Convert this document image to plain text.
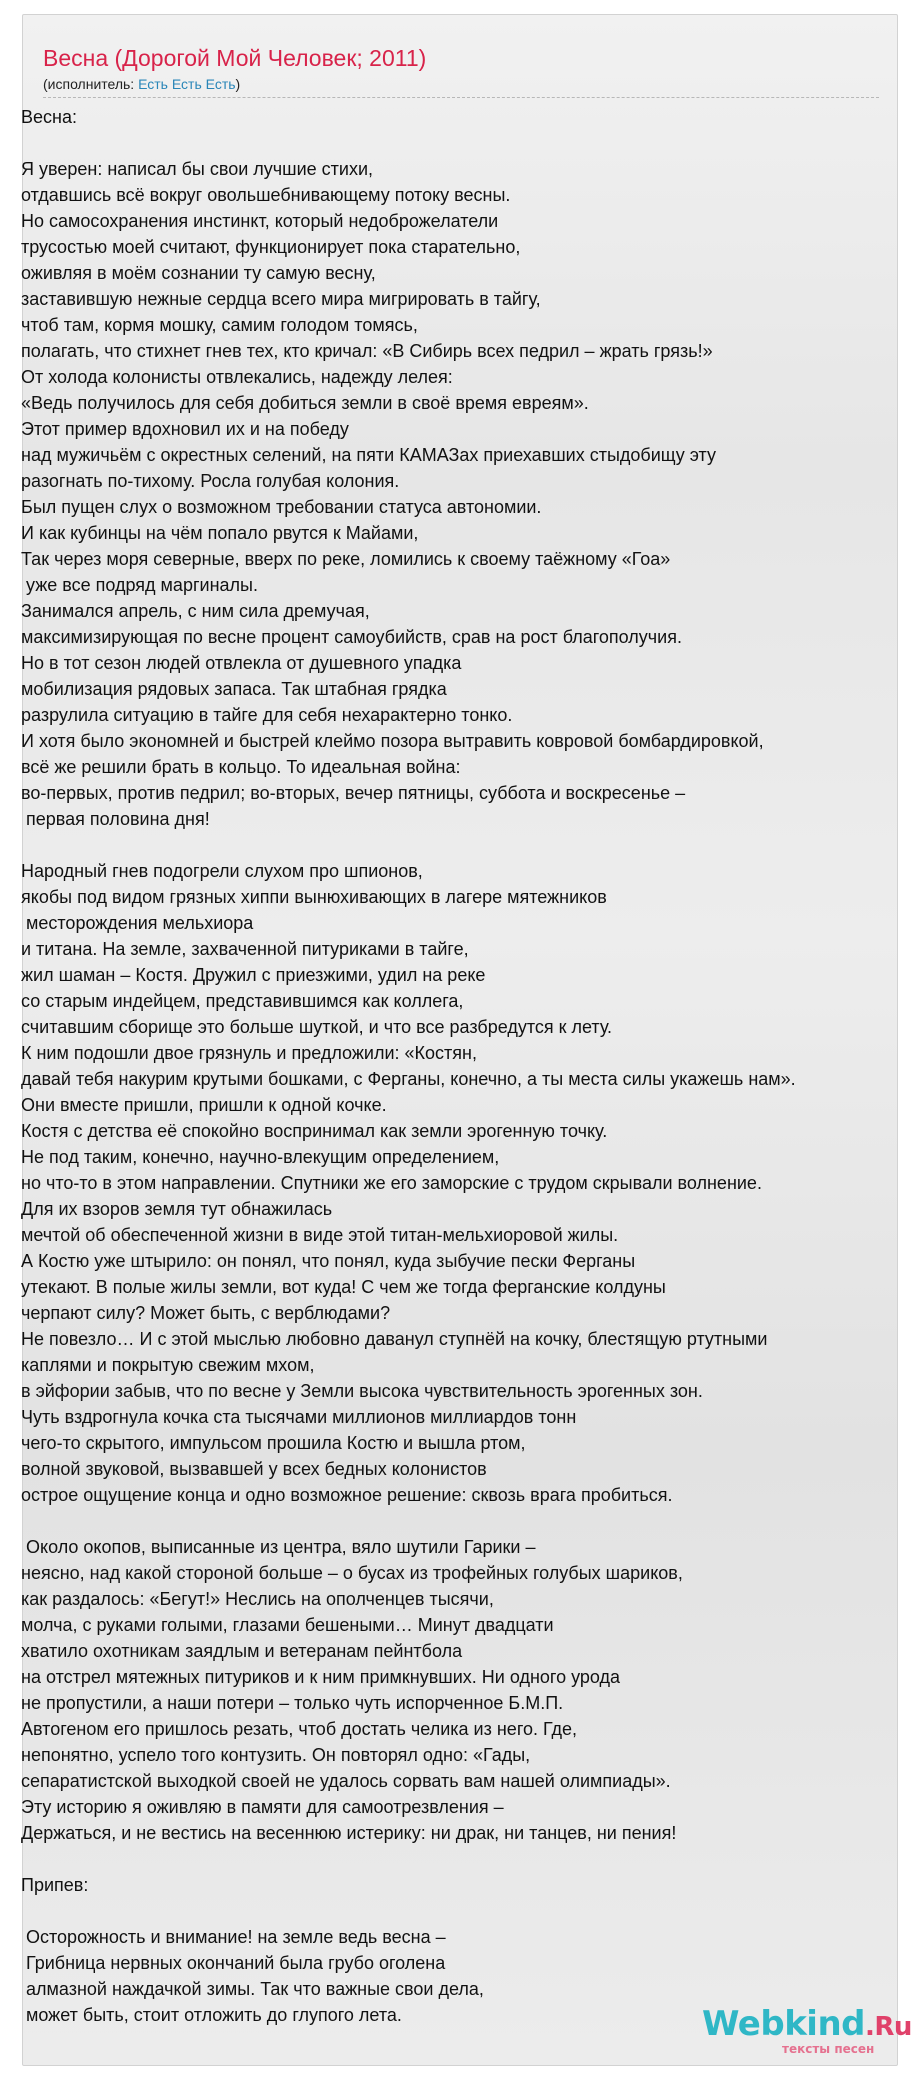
Весна (Дорогой Мой Человек; 2011)
(исполнитель: Есть Есть Есть)
Весна:
Я уверен: написал бы свои лучшие стихи,
отдавшись всё вокруг овольшебнивающему потоку весны.
Но самосохранения инстинкт, который недоброжелатели
трусостью моей считают, функционирует пока старательно,
оживляя в моём сознании ту самую весну,
заставившую нежные сердца всего мира мигрировать в тайгу,
чтоб там, кормя мошку, самим голодом томясь,
полагать, что стихнет гнев тех, кто кричал: «В Сибирь всех педрил – жрать грязь!»
От холода колонисты отвлекались, надежду лелея:
«Ведь получилось для себя добиться земли в своё время евреям».
Этот пример вдохновил их и на победу
над мужичьём с окрестных селений, на пяти КАМАЗах приехавших стыдобищу эту
разогнать по-тихому. Росла голубая колония.
Был пущен слух о возможном требовании статуса автономии.
И как кубинцы на чём попало рвутся к Майами,
Так через моря северные, вверх по реке, ломились к своему таёжному «Гоа»
уже все подряд маргиналы.
Занимался апрель, с ним сила дремучая,
максимизирующая по весне процент самоубийств, срав на рост благополучия.
Но в тот сезон людей отвлекла от душевного упадка
мобилизация рядовых запаса. Так штабная грядка
разрулила ситуацию в тайге для себя нехарактерно тонко.
И хотя было экономней и быстрей клеймо позора вытравить ковровой бомбардировкой,
всё же решили брать в кольцо. То идеальная война:
во-первых, против педрил; во-вторых, вечер пятницы, суббота и воскресенье –
первая половина дня!
Народный гнев подогрели слухом про шпионов,
якобы под видом грязных хиппи вынюхивающих в лагере мятежников
месторождения мельхиора
и титана. На земле, захваченной питуриками в тайге,
жил шаман – Костя. Дружил с приезжими, удил на реке
со старым индейцем, представившимся как коллега,
считавшим сборище это больше шуткой, и что все разбредутся к лету.
К ним подошли двое грязнуль и предложили: «Костян,
давай тебя накурим крутыми бошками, с Ферганы, конечно, а ты места силы укажешь нам».
Они вместе пришли, пришли к одной кочке.
Костя с детства её спокойно воспринимал как земли эрогенную точку.
Не под таким, конечно, научно-влекущим определением,
но что-то в этом направлении. Спутники же его заморские с трудом скрывали волнение.
Для их взоров земля тут обнажилась
мечтой об обеспеченной жизни в виде этой титан-мельхиоровой жилы.
А Костю уже штырило: он понял, что понял, куда зыбучие пески Ферганы
утекают. В полые жилы земли, вот куда! С чем же тогда ферганские колдуны
черпают силу? Может быть, с верблюдами?
Не повезло… И с этой мыслью любовно даванул ступнёй на кочку, блестящую ртутными
каплями и покрытую свежим мхом,
в эйфории забыв, что по весне у Земли высока чувствительность эрогенных зон.
Чуть вздрогнула кочка ста тысячами миллионов миллиардов тонн
чего-то скрытого, импульсом прошила Костю и вышла ртом,
волной звуковой, вызвавшей у всех бедных колонистов
острое ощущение конца и одно возможное решение: сквозь врага пробиться.
Около окопов, выписанные из центра, вяло шутили Гарики –
неясно, над какой стороной больше – о бусах из трофейных голубых шариков,
как раздалось: «Бегут!» Неслись на ополченцев тысячи,
молча, с руками голыми, глазами бешеными… Минут двадцати
хватило охотникам заядлым и ветеранам пейнтбола
на отстрел мятежных питуриков и к ним примкнувших. Ни одного урода
не пропустили, а наши потери – только чуть испорченное Б.М.П.
Автогеном его пришлось резать, чтоб достать челика из него. Где,
непонятно, успело того контузить. Он повторял одно: «Гады,
сепаратистской выходкой своей не удалось сорвать вам нашей олимпиады».
Эту историю я оживляю в памяти для самоотрезвления –
Держаться, и не вестись на весеннюю истерику: ни драк, ни танцев, ни пения!
Припев:
Осторожность и внимание! на земле ведь весна –
Грибница нервных окончаний была грубо оголена
алмазной наждачкой зимы. Так что важные свои дела,
может быть, стоит отложить до глупого лета.	Webkind.Ru
тексты песен
